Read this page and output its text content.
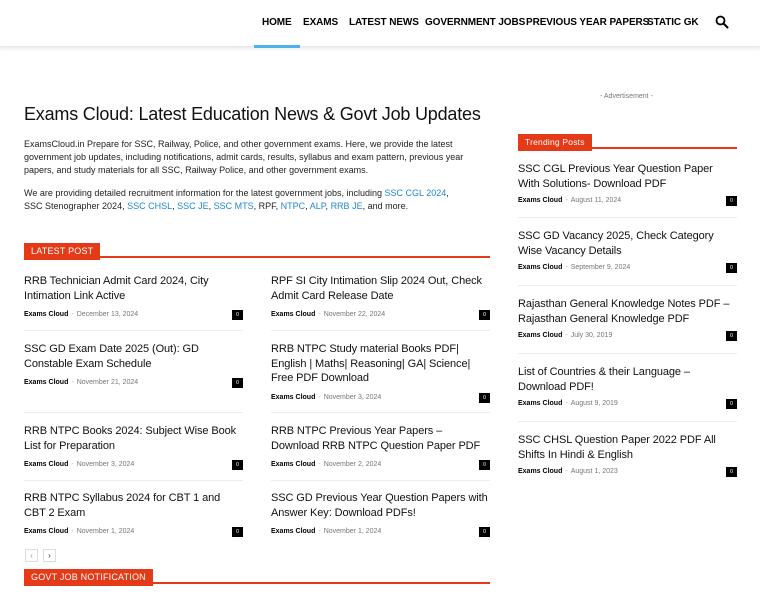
HOME EXAMS LATEST NEWS GOVERNMENT JOBS PREVIOUS YEAR PAPERS
STATIC GK
Exams Cloud: Latest Education News & Govt Job Updates

ExamsCloud.in Prepare for SSC, Railway, Police, and other government exams. Here, we provide the latest government job updates, including notifications, admit cards, results, syllabus and exam pattern, previous year papers, and study materials for all SSC, Railway Police, and other government exams.

We are providing detailed recruitment information for the latest government jobs, including SSC CGL 2024,
SSC Stenographer 2024, SSC CHSL, SSC JE, SSC MTS, RPF, NTPC, ALP, RRB JE, and more.

LATEST POST
RRB Technician Admit Card 2024, City Intimation Link Active
Exams Cloud - December 13, 2024	0
RPF SI City Intimation Slip 2024 Out, Check Admit Card Release Date
Exams Cloud - November 22, 2024	0
SSC GD Exam Date 2025 (Out): GD Constable Exam Schedule
Exams Cloud - November 21, 2024	0
RRB NTPC Study material Books PDF| English | Maths| Reasoning| GA| Science| Free PDF Download
Exams Cloud - November 3, 2024	0
RRB NTPC Books 2024: Subject Wise Book List for Preparation
Exams Cloud - November 3, 2024	0
RRB NTPC Previous Year Papers – Download RRB NTPC Question Paper PDF
Exams Cloud - November 2, 2024	0
RRB NTPC Syllabus 2024 for CBT 1 and CBT 2 Exam
Exams Cloud - November 1, 2024	0
SSC GD Previous Year Question Papers with Answer Key: Download PDFs!
Exams Cloud - November 1, 2024	0
‹	›
GOVT JOB NOTIFICATION
- Advertisement -
Trending Posts
SSC CGL Previous Year Question Paper With Solutions- Download PDF
Exams Cloud - August 11, 2024	0
SSC GD Vacancy 2025, Check Category Wise Vacancy Details
Exams Cloud - September 9, 2024	0
Rajasthan General Knowledge Notes PDF – Rajasthan General Knowledge PDF
Exams Cloud - July 30, 2019	0
List of Countries & their Language – Download PDF!
Exams Cloud - August 9, 2019	0
SSC CHSL Question Paper 2022 PDF All Shifts In Hindi & English
Exams Cloud - August 1, 2023	0
